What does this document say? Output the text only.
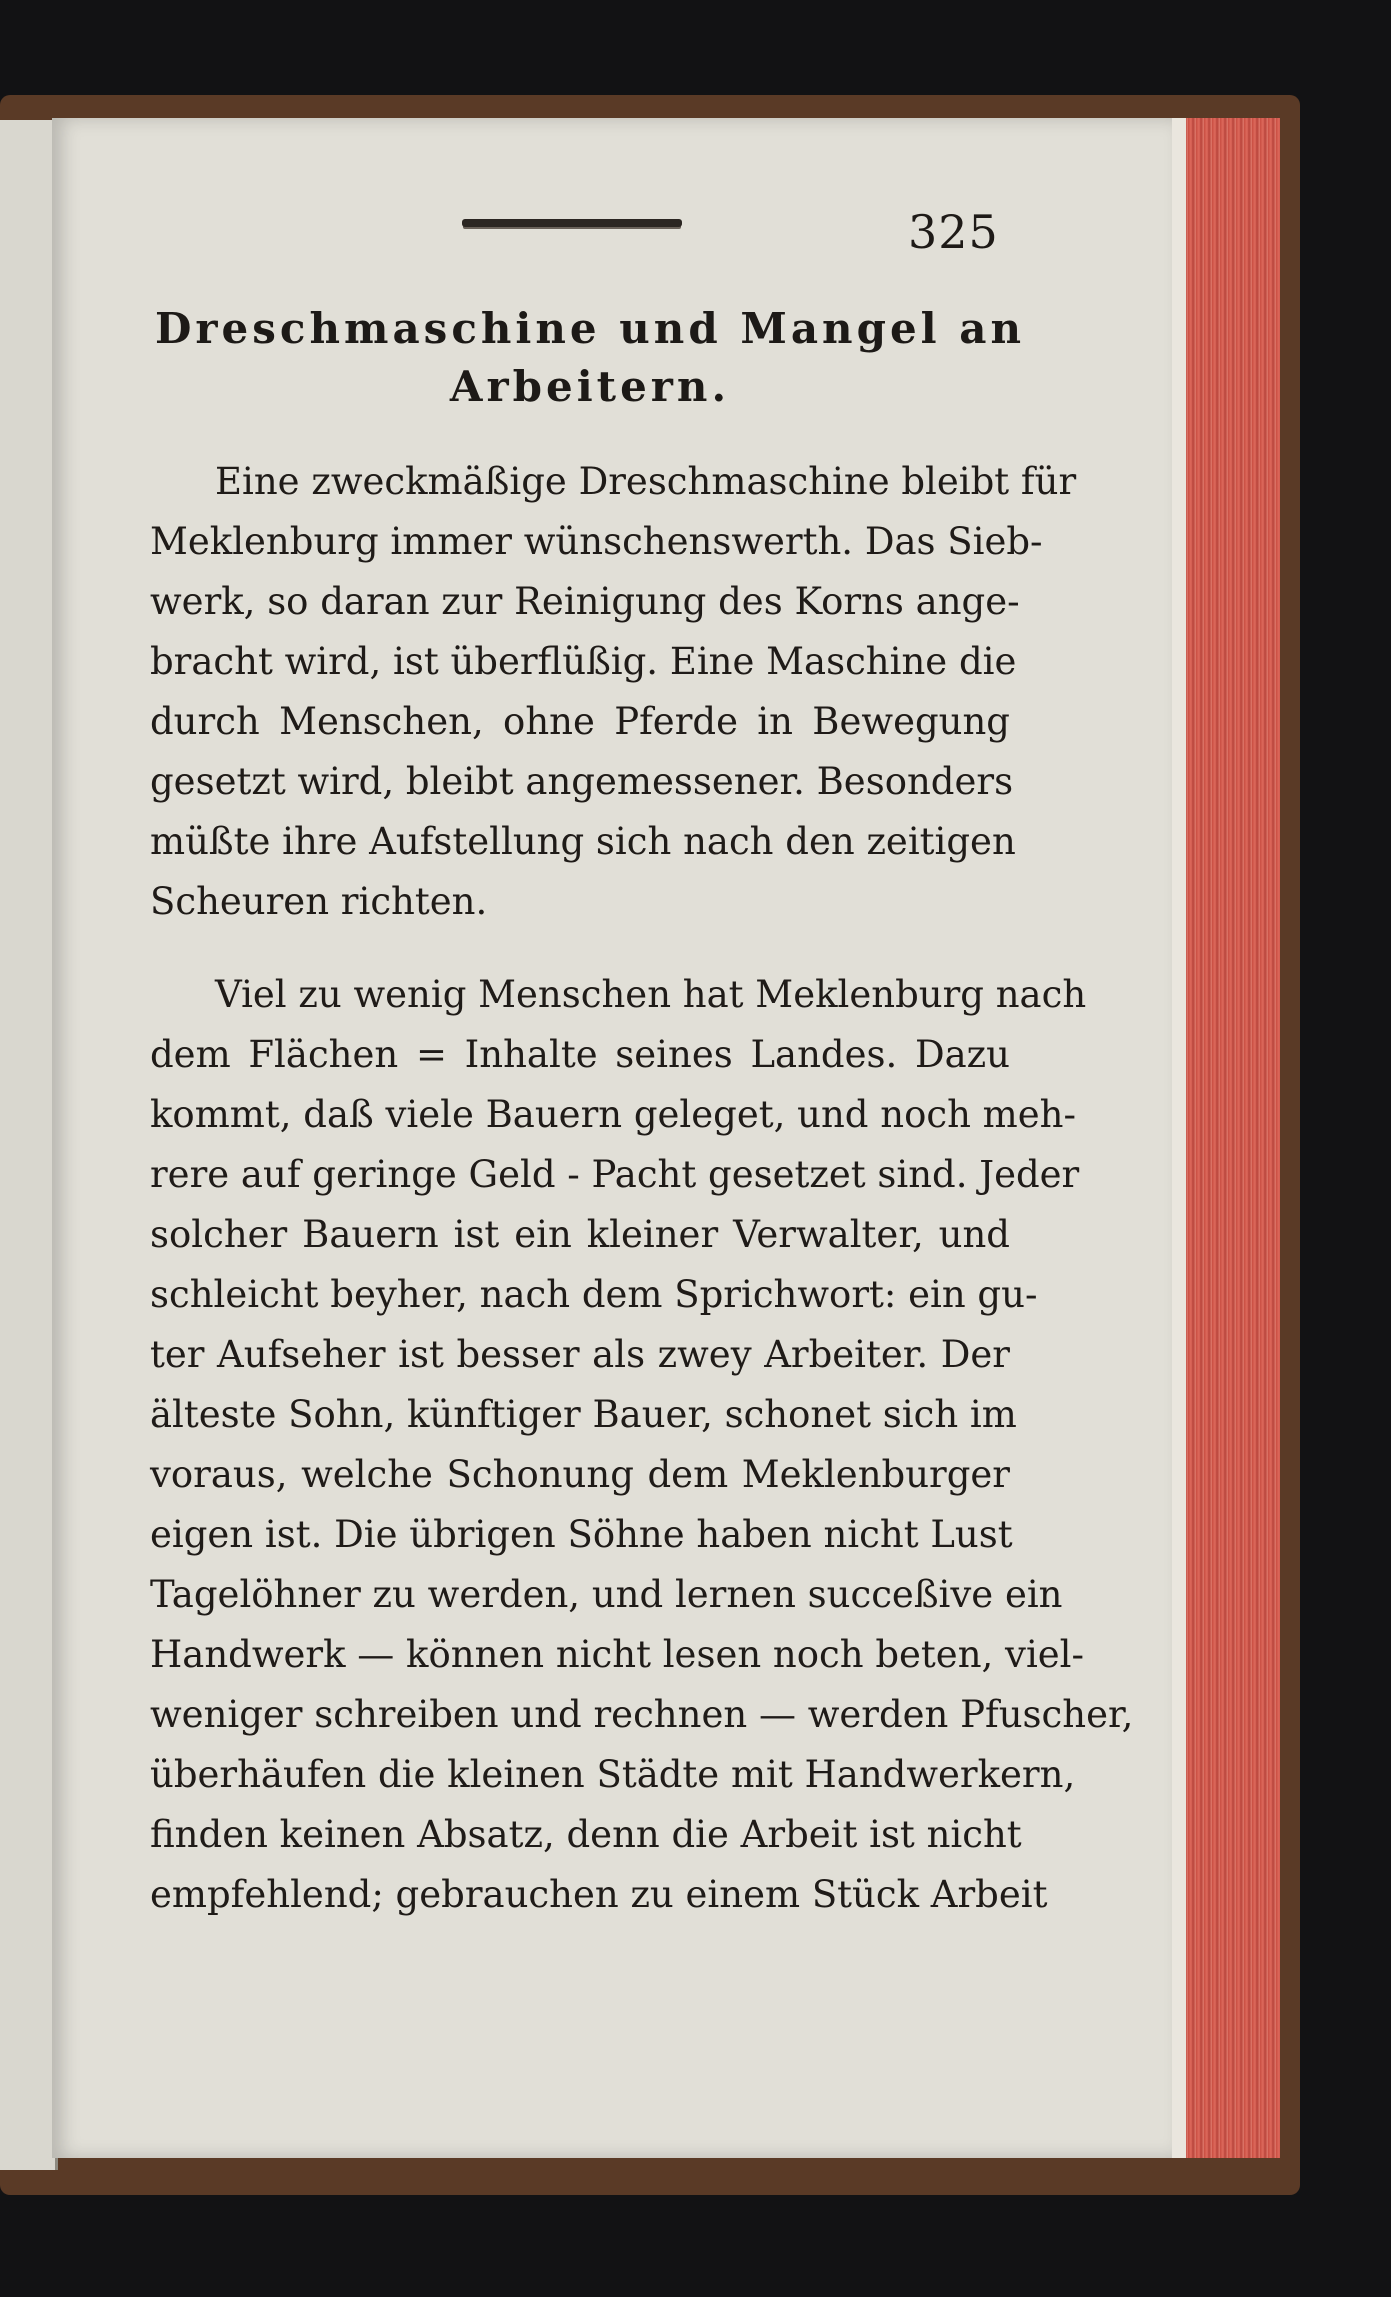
325
Dreschmaschine und Mangel an
Arbeitern.
Eine zweckmäßige Dreschmaschine bleibt für
Meklenburg immer wünschenswerth. Das Sieb-
werk, so daran zur Reinigung des Korns ange-
bracht wird, ist überflüßig. Eine Maschine die
durch Menschen, ohne Pferde in Bewegung
gesetzt wird, bleibt angemessener. Besonders
müßte ihre Aufstellung sich nach den zeitigen
Scheuren richten.
Viel zu wenig Menschen hat Meklenburg nach
dem Flächen = Inhalte seines Landes. Dazu
kommt, daß viele Bauern geleget, und noch meh-
rere auf geringe Geld - Pacht gesetzet sind. Jeder
solcher Bauern ist ein kleiner Verwalter, und
schleicht beyher, nach dem Sprichwort: ein gu-
ter Aufseher ist besser als zwey Arbeiter. Der
älteste Sohn, künftiger Bauer, schonet sich im
voraus, welche Schonung dem Meklenburger
eigen ist. Die übrigen Söhne haben nicht Lust
Tagelöhner zu werden, und lernen succeßive ein
Handwerk — können nicht lesen noch beten, viel-
weniger schreiben und rechnen — werden Pfuscher,
überhäufen die kleinen Städte mit Handwerkern,
finden keinen Absatz, denn die Arbeit ist nicht
empfehlend; gebrauchen zu einem Stück Arbeit
